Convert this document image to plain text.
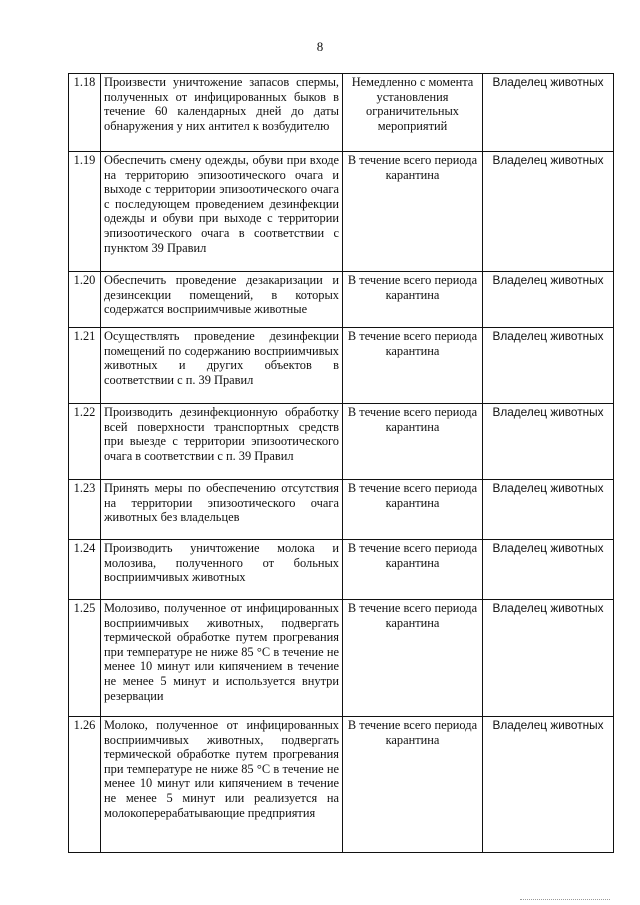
8
1.18	Произвести уничтожение запасов спермы, полученных от инфицированных быков в течение 60 календарных дней до даты обнаружения у них антител к возбудителю	Немедленно с момента установления ограничительных мероприятий	Владелец животных
1.19	Обеспечить смену одежды, обуви при входе на территорию эпизоотического очага и выходе с территории эпизоотического очага с последующем проведением дезинфекции одежды и обуви при выходе с территории эпизоотического очага в соответствии с пунктом 39 Правил	В течение всего периода карантина	Владелец животных
1.20	Обеспечить проведение дезакаризации и дезинсекции помещений, в которых содержатся восприимчивые животные	В течение всего периода карантина	Владелец животных
1.21	Осуществлять проведение дезинфекции помещений по содержанию восприимчивых животных и других объектов в соответствии с п. 39 Правил	В течение всего периода карантина	Владелец животных
1.22	Производить дезинфекционную обработку всей поверхности транспортных средств при выезде с территории эпизоотического очага в соответствии с п. 39 Правил	В течение всего периода карантина	Владелец животных
1.23	Принять меры по обеспечению отсутствия на территории эпизоотического очага животных без владельцев	В течение всего периода карантина	Владелец животных
1.24	Производить уничтожение молока и молозива, полученного от больных восприимчивых животных	В течение всего периода карантина	Владелец животных
1.25	Молозиво, полученное от инфицированных восприимчивых животных, подвергать термической обработке путем прогревания при температуре не ниже 85 °С в течение не менее 10 минут или кипячением в течение не менее 5 минут и используется внутри резервации	В течение всего периода карантина	Владелец животных
1.26	Молоко, полученное от инфицированных восприимчивых животных, подвергать термической обработке путем прогревания при температуре не ниже 85 °С в течение не менее 10 минут или кипячением в течение не менее 5 минут или реализуется на молокоперерабатывающие предприятия	В течение всего периода карантина	Владелец животных
